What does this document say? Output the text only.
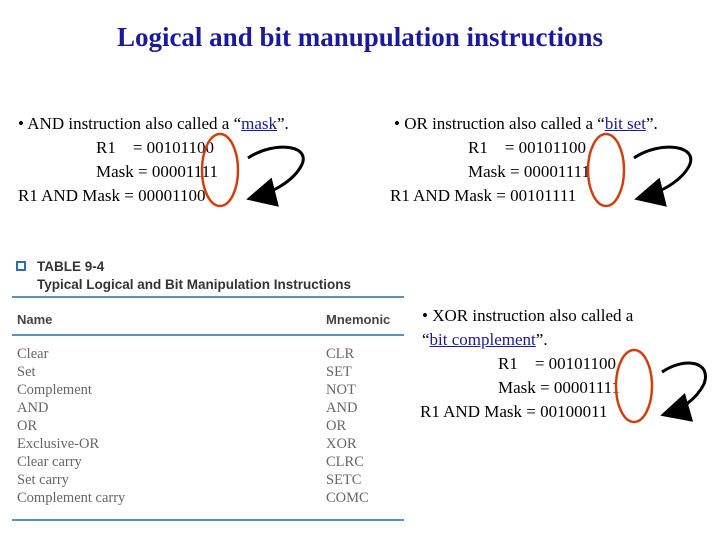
Logical and bit manupulation instructions
• AND instruction also called a “mask”.
R1    = 00101100
Mask = 00001111
R1 AND Mask = 00001100
• OR instruction also called a “bit set”.
R1    = 00101100
Mask = 00001111
R1 AND Mask = 00101111
• XOR instruction also called a
“bit complement”.
R1    = 00101100
Mask = 00001111
R1 AND Mask = 00100011
TABLE 9-4
Typical Logical and Bit Manipulation Instructions
Name	Mnemonic
Clear	CLR
Set	SET
Complement	NOT
AND	AND
OR	OR
Exclusive-OR	XOR
Clear carry	CLRC
Set carry	SETC
Complement carry	COMC
